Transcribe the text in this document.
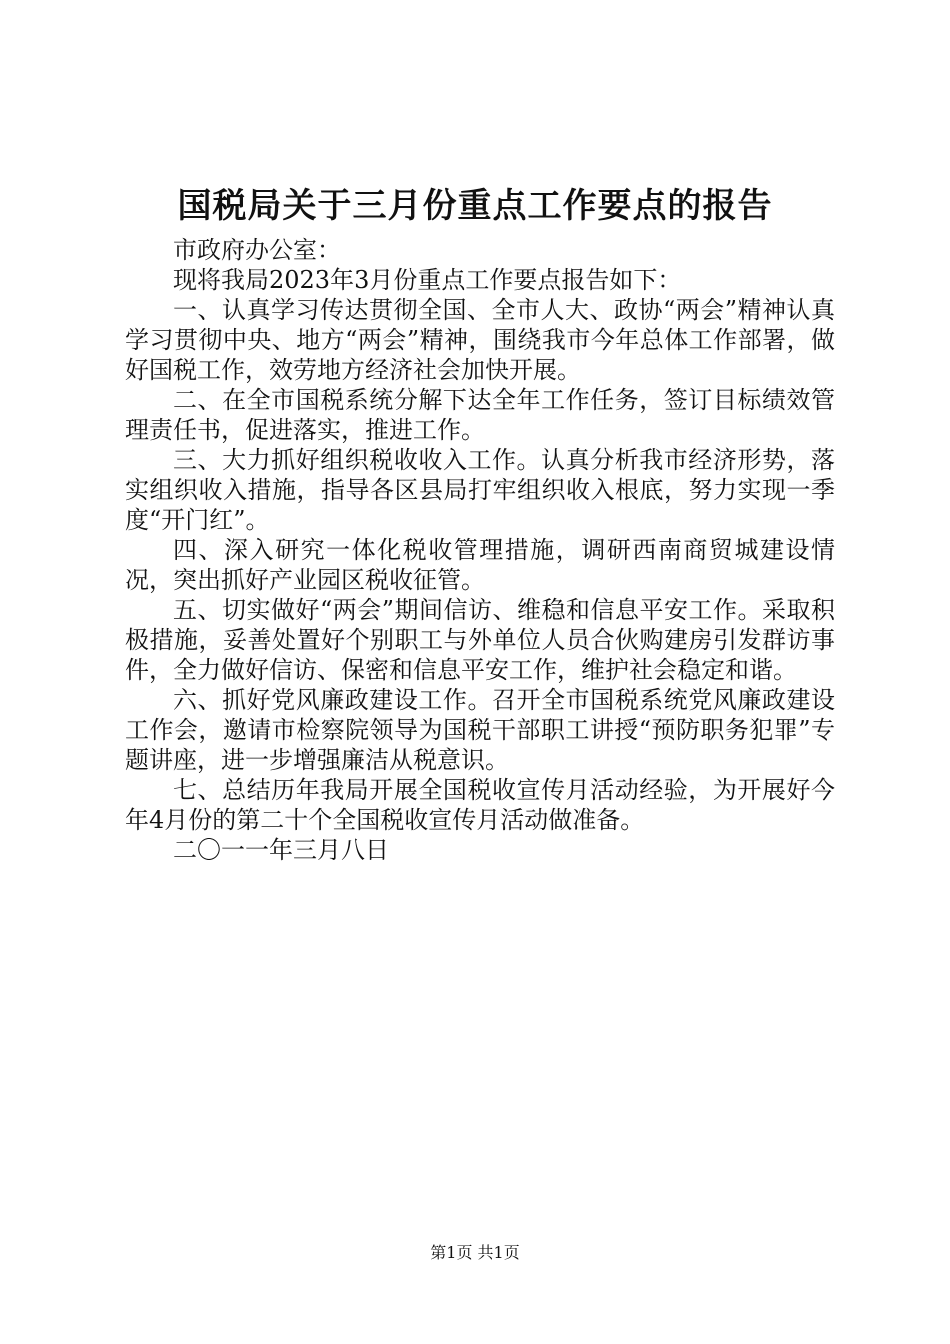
国税局关于三月份重点工作要点的报告

市政府办公室：

现将我局2023年3月份重点工作要点报告如下：

一、认真学习传达贯彻全国、全市人大、政协“两会”精神认真学习贯彻中央、地方“两会”精神，围绕我市今年总体工作部署，做好国税工作，效劳地方经济社会加快开展。

二、在全市国税系统分解下达全年工作任务，签订目标绩效管理责任书，促进落实，推进工作。

三、大力抓好组织税收收入工作。认真分析我市经济形势，落实组织收入措施，指导各区县局打牢组织收入根底，努力实现一季度“开门红”。

四、深入研究一体化税收管理措施，调研西南商贸城建设情况，突出抓好产业园区税收征管。

五、切实做好“两会”期间信访、维稳和信息平安工作。采取积极措施，妥善处置好个别职工与外单位人员合伙购建房引发群访事件，全力做好信访、保密和信息平安工作，维护社会稳定和谐。

六、抓好党风廉政建设工作。召开全市国税系统党风廉政建设工作会，邀请市检察院领导为国税干部职工讲授“预防职务犯罪”专题讲座，进一步增强廉洁从税意识。

七、总结历年我局开展全国税收宣传月活动经验，为开展好今年4月份的第二十个全国税收宣传月活动做准备。

二〇一一年三月八日

第1页 共1页
